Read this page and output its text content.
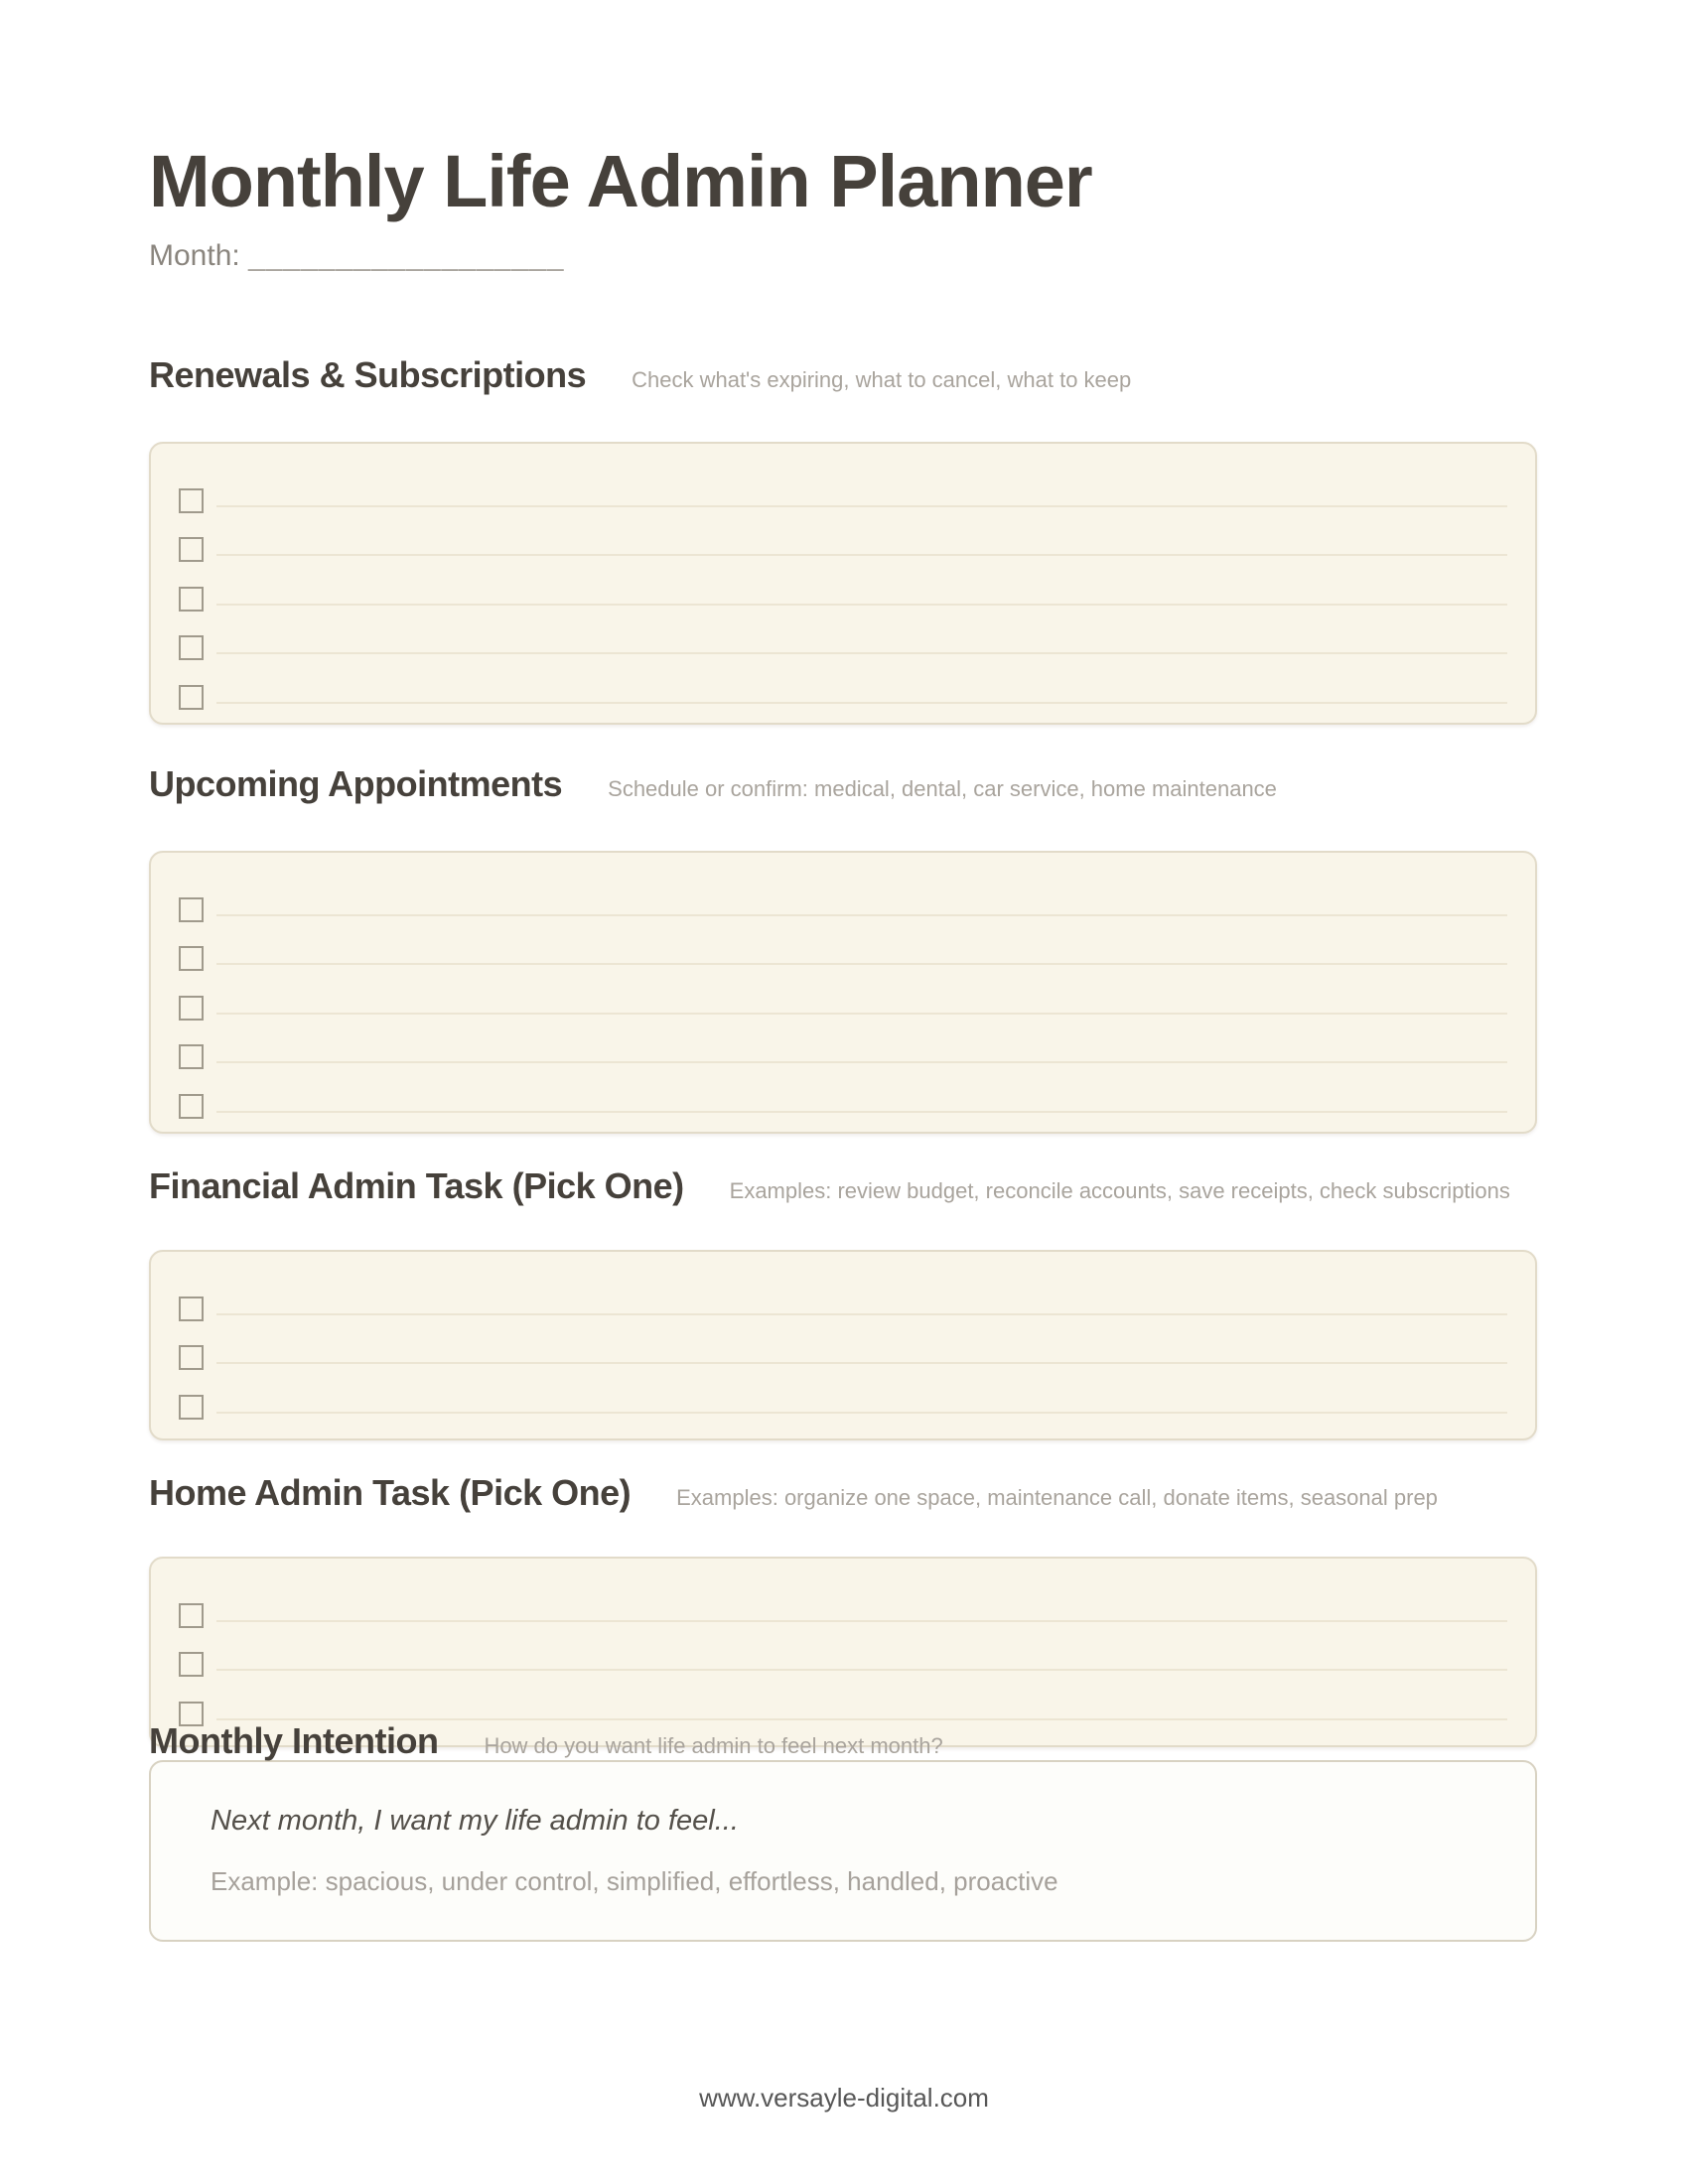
Monthly Life Admin Planner
Month: __________________
Renewals & Subscriptions Check what's expiring, what to cancel, what to keep
Upcoming Appointments Schedule or confirm: medical, dental, car service, home maintenance
Financial Admin Task (Pick One) Examples: review budget, reconcile accounts, save receipts, check subscriptions
Home Admin Task (Pick One) Examples: organize one space, maintenance call, donate items, seasonal prep
Monthly Intention How do you want life admin to feel next month?
Next month, I want my life admin to feel...
Example: spacious, under control, simplified, effortless, handled, proactive
www.versayle-digital.com
